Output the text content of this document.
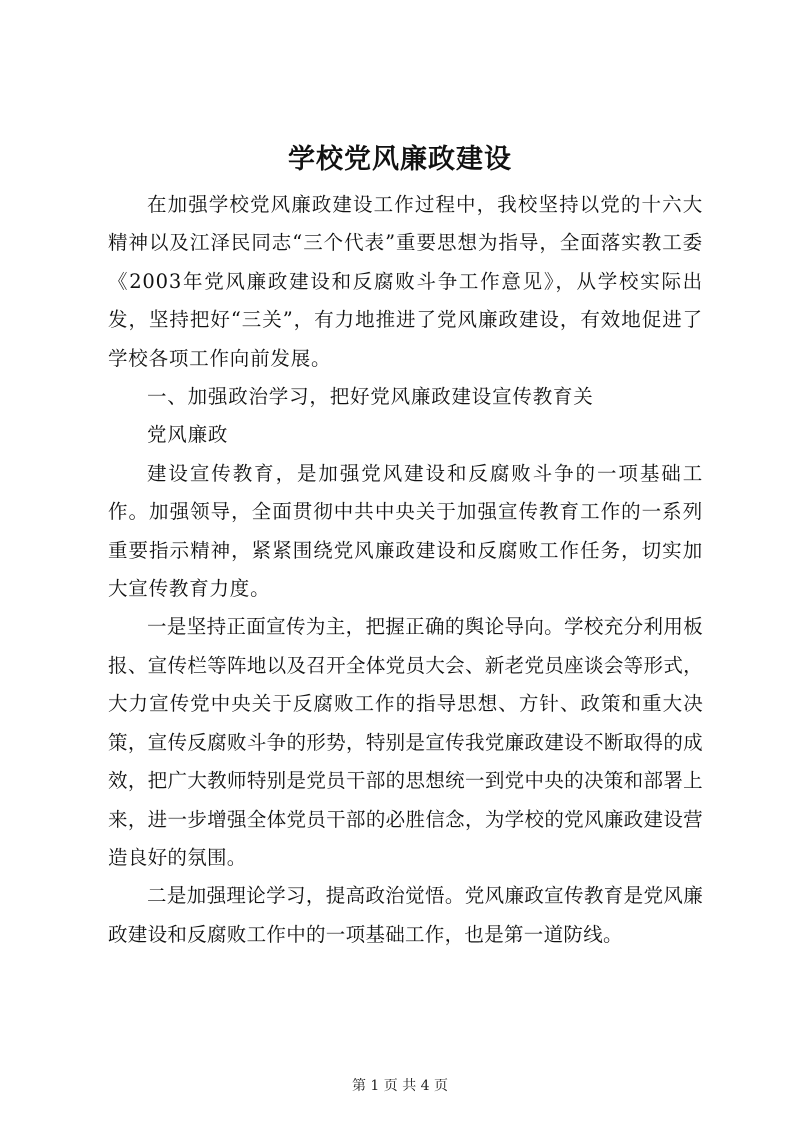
学校党风廉政建设

在加强学校党风廉政建设工作过程中，我校坚持以党的十六大精神以及江泽民同志“三个代表”重要思想为指导，全面落实教工委《2003年党风廉政建设和反腐败斗争工作意见》，从学校实际出发，坚持把好“三关”，有力地推进了党风廉政建设，有效地促进了学校各项工作向前发展。

一、加强政治学习，把好党风廉政建设宣传教育关

党风廉政

建设宣传教育，是加强党风建设和反腐败斗争的一项基础工作。加强领导，全面贯彻中共中央关于加强宣传教育工作的一系列重要指示精神，紧紧围绕党风廉政建设和反腐败工作任务，切实加大宣传教育力度。

一是坚持正面宣传为主，把握正确的舆论导向。学校充分利用板报、宣传栏等阵地以及召开全体党员大会、新老党员座谈会等形式，大力宣传党中央关于反腐败工作的指导思想、方针、政策和重大决策，宣传反腐败斗争的形势，特别是宣传我党廉政建设不断取得的成效，把广大教师特别是党员干部的思想统一到党中央的决策和部署上来，进一步增强全体党员干部的必胜信念，为学校的党风廉政建设营造良好的氛围。

二是加强理论学习，提高政治觉悟。党风廉政宣传教育是党风廉政建设和反腐败工作中的一项基础工作，也是第一道防线。

第 1 页 共 4 页
